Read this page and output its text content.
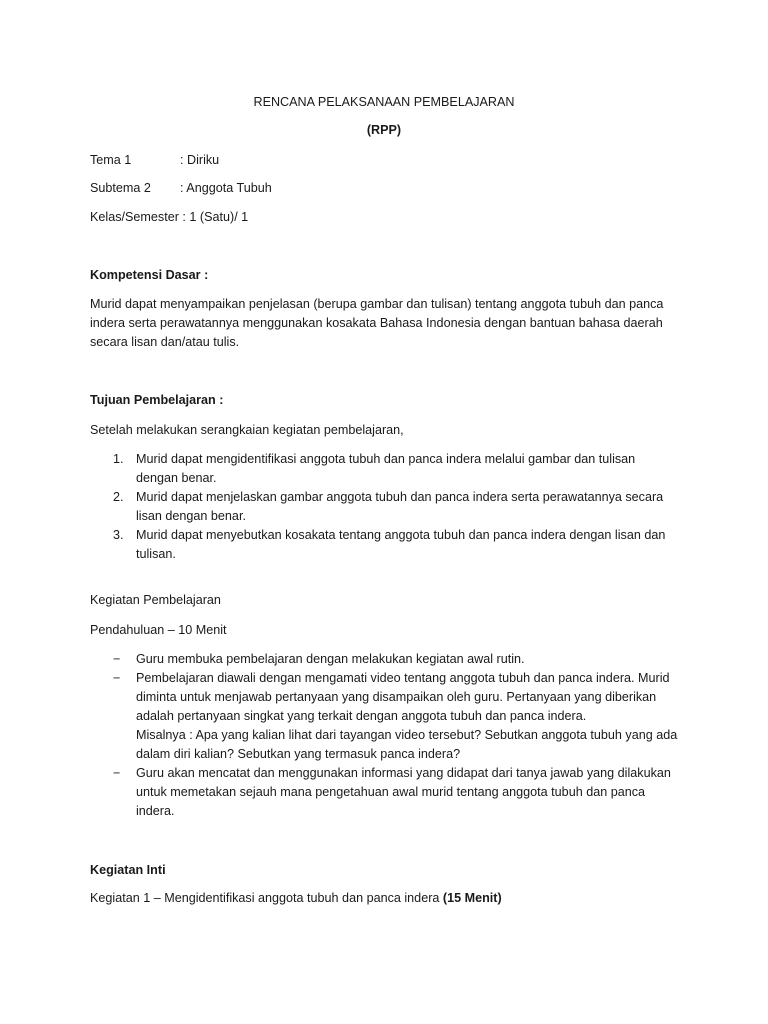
RENCANA PELAKSANAAN PEMBELAJARAN
(RPP)
Tema 1	: Diriku
Subtema 2 : Anggota Tubuh
Kelas/Semester : 1 (Satu)/ 1
Kompetensi Dasar :
Murid dapat menyampaikan penjelasan (berupa gambar dan tulisan) tentang anggota tubuh dan panca
indera serta perawatannya menggunakan kosakata Bahasa Indonesia dengan bantuan bahasa daerah
secara lisan dan/atau tulis.
Tujuan Pembelajaran :
Setelah melakukan serangkaian kegiatan pembelajaran,
1. Murid dapat mengidentifikasi anggota tubuh dan panca indera melalui gambar dan tulisan
dengan benar.
2. Murid dapat menjelaskan gambar anggota tubuh dan panca indera serta perawatannya secara
lisan dengan benar.
3. Murid dapat menyebutkan kosakata tentang anggota tubuh dan panca indera dengan lisan dan
tulisan.
Kegiatan Pembelajaran
Pendahuluan – 10 Menit
− Guru membuka pembelajaran dengan melakukan kegiatan awal rutin.
− Pembelajaran diawali dengan mengamati video tentang anggota tubuh dan panca indera. Murid
diminta untuk menjawab pertanyaan yang disampaikan oleh guru. Pertanyaan yang diberikan
adalah pertanyaan singkat yang terkait dengan anggota tubuh dan panca indera.
Misalnya : Apa yang kalian lihat dari tayangan video tersebut? Sebutkan anggota tubuh yang ada
dalam diri kalian? Sebutkan yang termasuk panca indera?
− Guru akan mencatat dan menggunakan informasi yang didapat dari tanya jawab yang dilakukan
untuk memetakan sejauh mana pengetahuan awal murid tentang anggota tubuh dan panca
indera.
Kegiatan Inti
Kegiatan 1 – Mengidentifikasi anggota tubuh dan panca indera (15 Menit)
